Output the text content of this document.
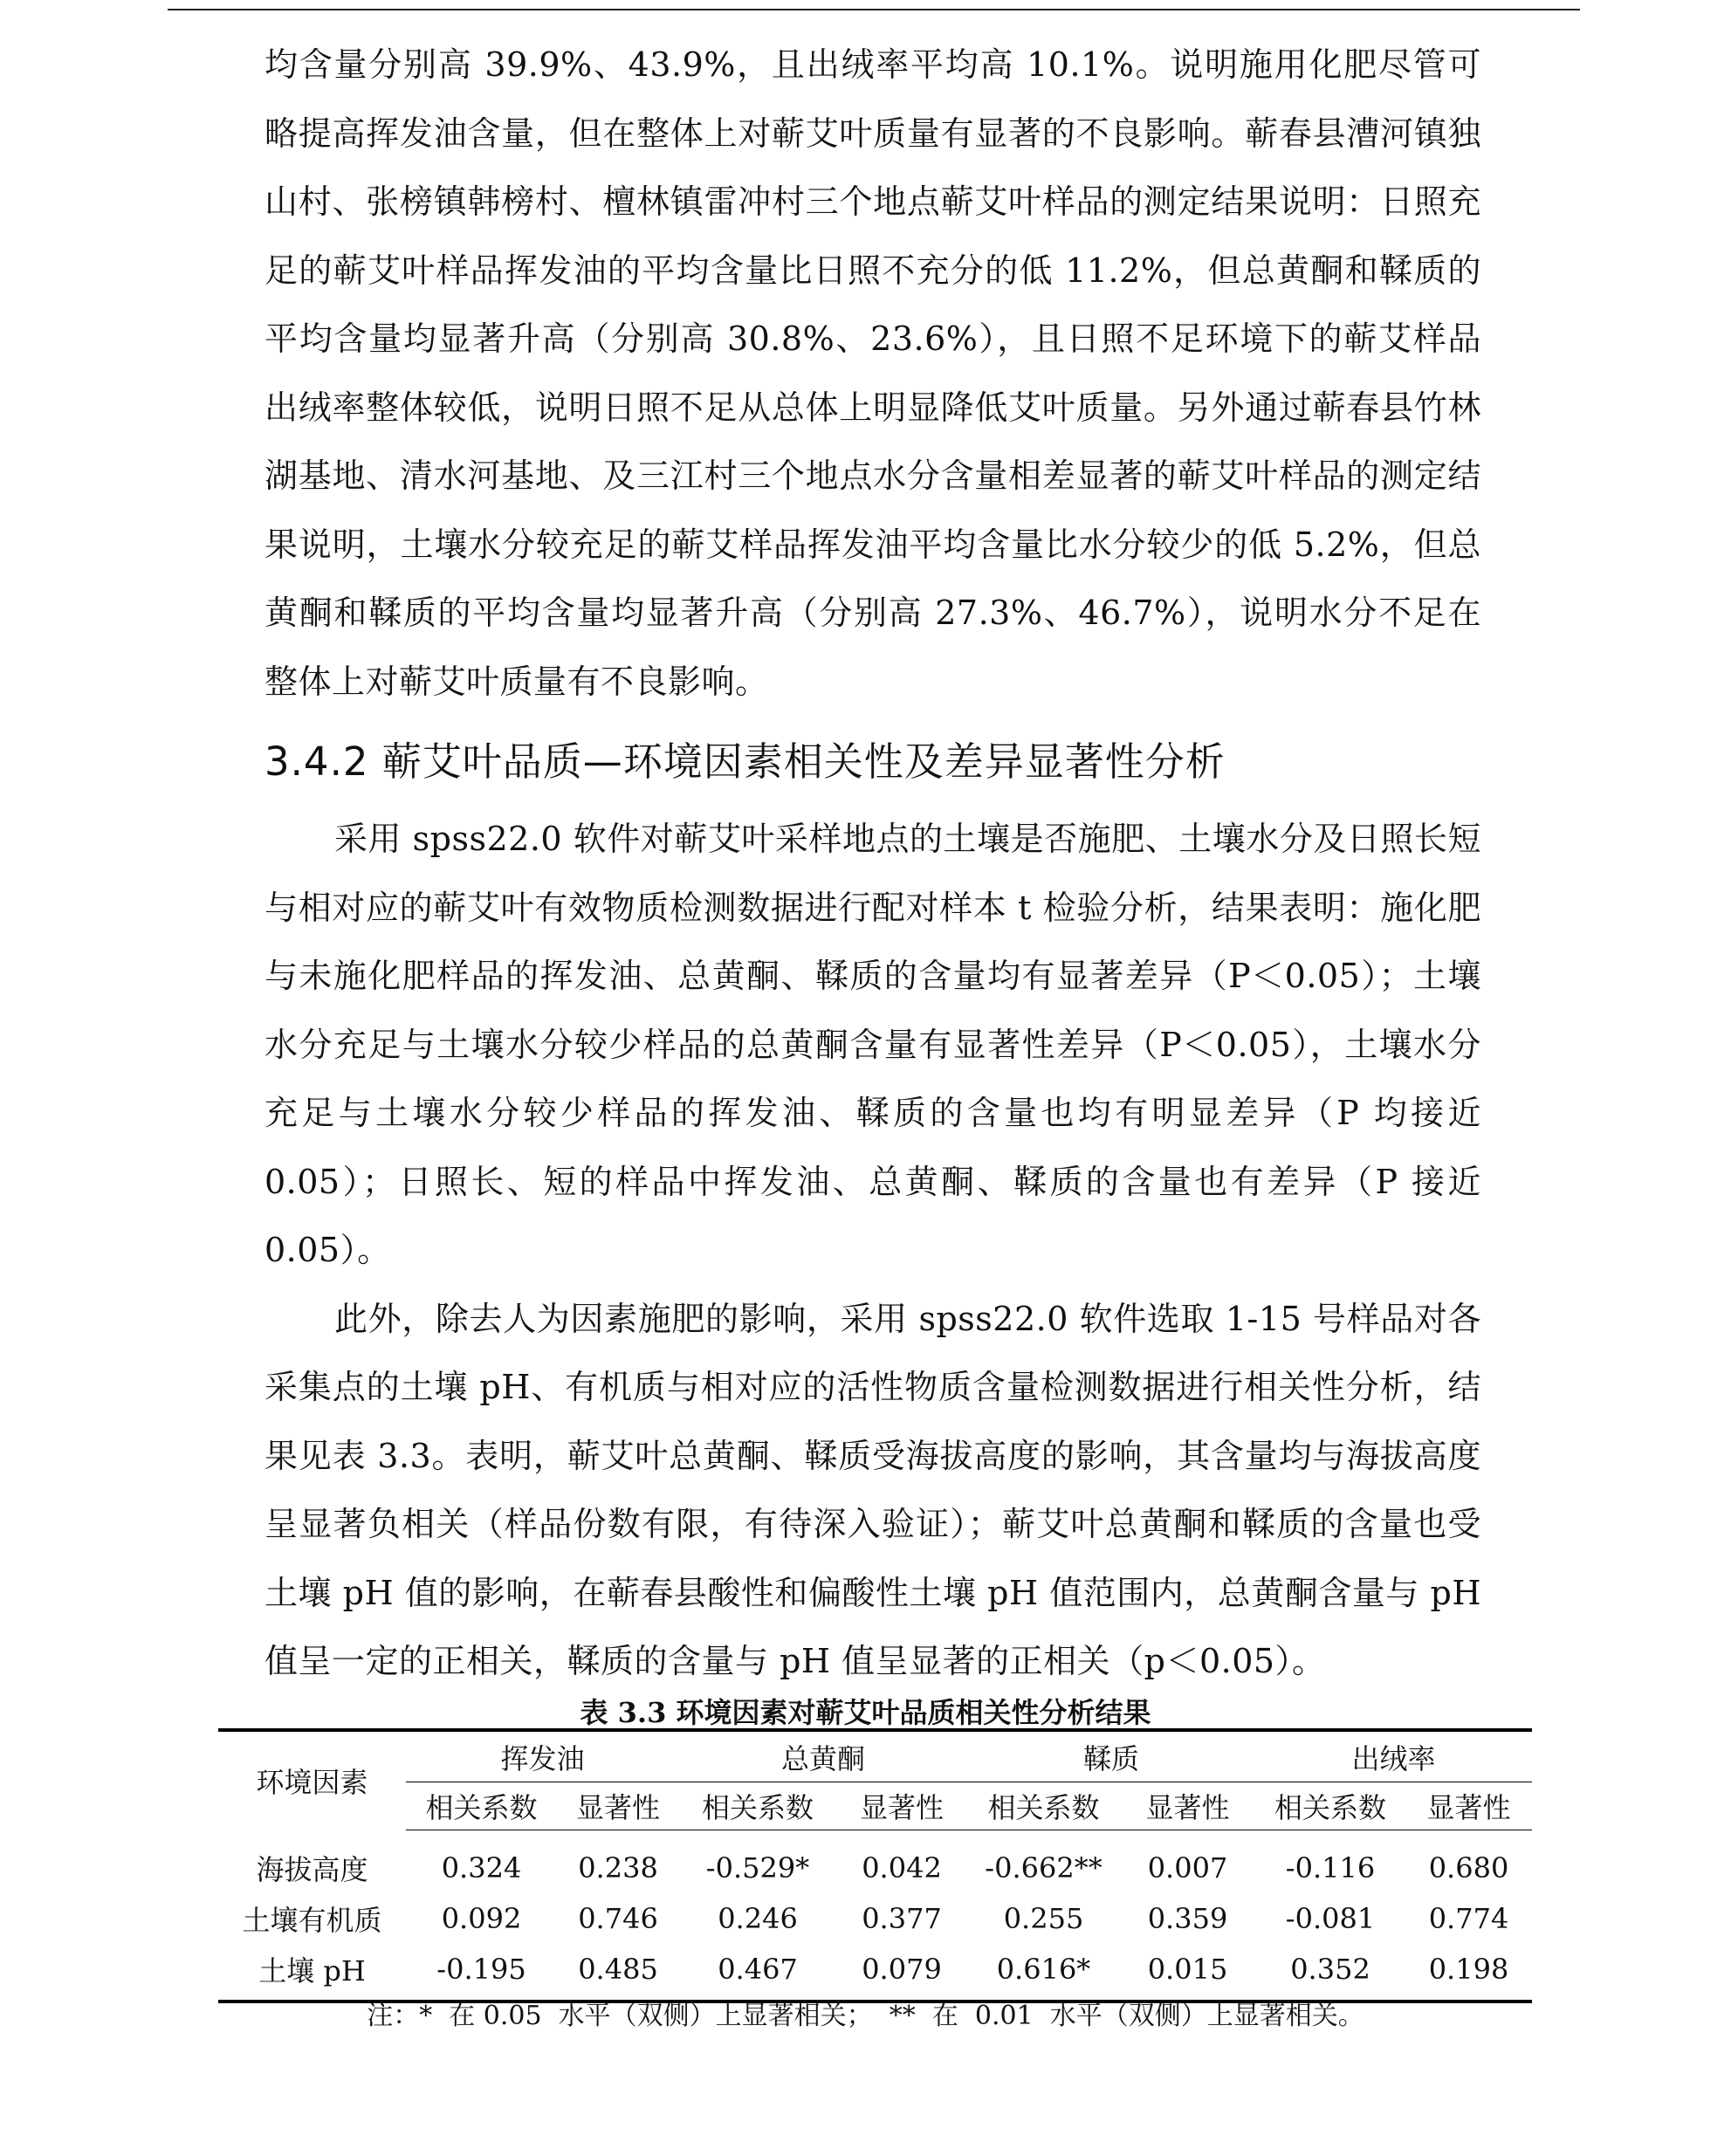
均含量分别高 39.9%、43.9%，且出绒率平均高 10.1%。说明施用化肥尽管可略提高挥发油含量，但在整体上对蕲艾叶质量有显著的不良影响。蕲春县漕河镇独山村、张榜镇韩榜村、檀林镇雷冲村三个地点蕲艾叶样品的测定结果说明：日照充足的蕲艾叶样品挥发油的平均含量比日照不充分的低 11.2%，但总黄酮和鞣质的平均含量均显著升高（分别高 30.8%、23.6%），且日照不足环境下的蕲艾样品出绒率整体较低，说明日照不足从总体上明显降低艾叶质量。另外通过蕲春县竹林湖基地、清水河基地、及三江村三个地点水分含量相差显著的蕲艾叶样品的测定结果说明，土壤水分较充足的蕲艾样品挥发油平均含量比水分较少的低 5.2%，但总黄酮和鞣质的平均含量均显著升高（分别高 27.3%、46.7%），说明水分不足在整体上对蕲艾叶质量有不良影响。

3.4.2 蕲艾叶品质—环境因素相关性及差异显著性分析

采用 spss22.0 软件对蕲艾叶采样地点的土壤是否施肥、土壤水分及日照长短与相对应的蕲艾叶有效物质检测数据进行配对样本 t 检验分析，结果表明：施化肥与未施化肥样品的挥发油、总黄酮、鞣质的含量均有显著差异（P＜0.05）；土壤水分充足与土壤水分较少样品的总黄酮含量有显著性差异（P＜0.05），土壤水分充足与土壤水分较少样品的挥发油、鞣质的含量也均有明显差异（P 均接近 0.05）；日照长、短的样品中挥发油、总黄酮、鞣质的含量也有差异（P 接近 0.05）。

此外，除去人为因素施肥的影响，采用 spss22.0 软件选取 1-15 号样品对各采集点的土壤 pH、有机质与相对应的活性物质含量检测数据进行相关性分析，结果见表 3.3。表明，蕲艾叶总黄酮、鞣质受海拔高度的影响，其含量均与海拔高度呈显著负相关（样品份数有限，有待深入验证）；蕲艾叶总黄酮和鞣质的含量也受土壤 pH 值的影响，在蕲春县酸性和偏酸性土壤 pH 值范围内，总黄酮含量与 pH 值呈一定的正相关，鞣质的含量与 pH 值呈显著的正相关（p＜0.05）。

表 3.3 环境因素对蕲艾叶品质相关性分析结果
环境因素	挥发油		总黄酮		鞣质		出绒率	
	相关系数	显著性	相关系数	显著性	相关系数	显著性	相关系数	显著性
海拔高度	0.324	0.238	-0.529*	0.042	-0.662**	0.007	-0.116	0.680
土壤有机质	0.092	0.746	0.246	0.377	0.255	0.359	-0.081	0.774
土壤 pH	-0.195	0.485	0.467	0.079	0.616*	0.015	0.352	0.198
注：*  在 0.05  水平（双侧）上显著相关；  **  在  0.01  水平（双侧）上显著相关。
